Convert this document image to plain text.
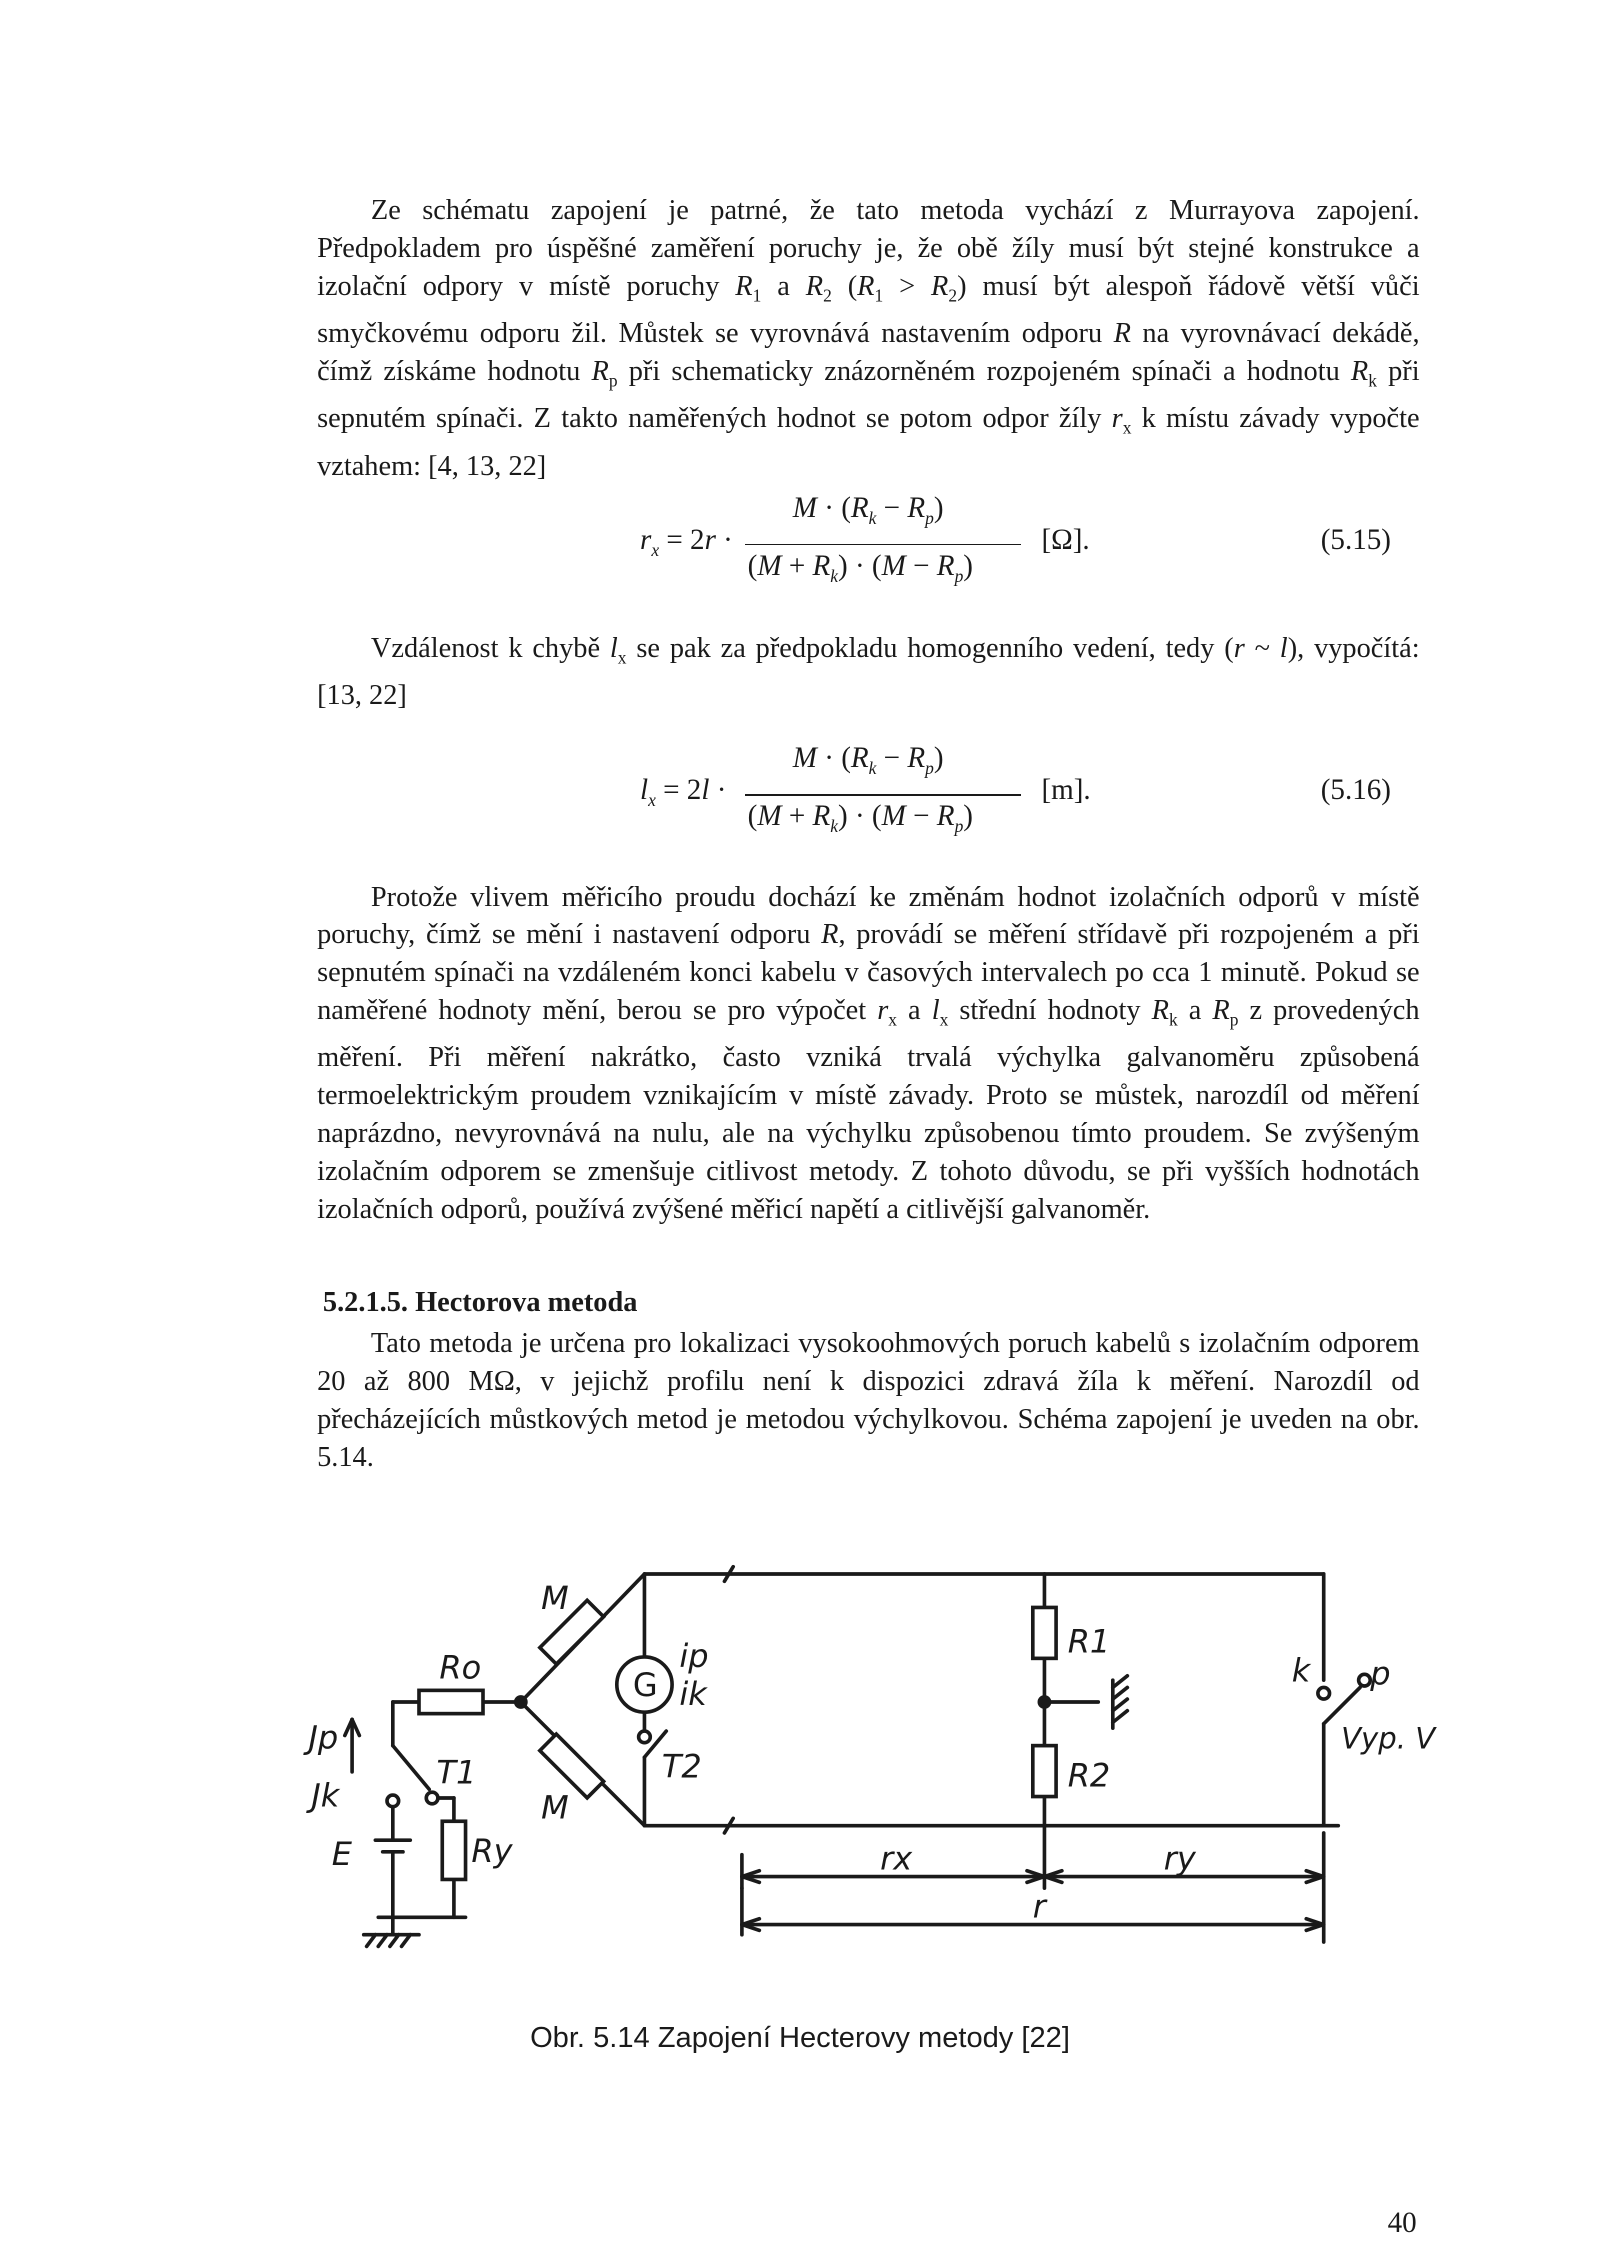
Ze schématu zapojení je patrné, že tato metoda vychází z Murrayova zapojení. Předpokladem pro úspěšné zaměření poruchy je, že obě žíly musí být stejné konstrukce a izolační odpory v místě poruchy $R_1$ a $R_2$ $(R_1 > R_2)$ musí být alespoň řádově větší vůči smyčkovému odporu žil. Můstek se vyrovnává nastavením odporu R na vyrovnávací dekádě, čímž získáme hodnotu $R_p$ při schematicky znázorněném rozpojeném spínači a hodnotu $R_k$ při sepnutém spínači. Z takto naměřených hodnot se potom odpor žíly $r_x$ k místu závady vypočte vztahem: [4, 13, 22]

$r_x = 2r$ ·
$M \cdot (R_k - R_p)$
$(M + R_k) \cdot (M - R_p)$
[Ω].	(5.15)

Vzdálenost k chybě $l_x$ se pak za předpokladu homogenního vedení, tedy (r ~ l), vypočítá: [13, 22]

$l_x = 2l$ ·
$M \cdot (R_k - R_p)$
$(M + R_k) \cdot (M - R_p)$
[m].	(5.16)

Protože vlivem měřicího proudu dochází ke změnám hodnot izolačních odporů v místě poruchy, čímž se mění i nastavení odporu R, provádí se měření střídavě při rozpojeném a při sepnutém spínači na vzdáleném konci kabelu v časových intervalech po cca 1 minutě. Pokud se naměřené hodnoty mění, berou se pro výpočet $r_x$ a $l_x$ střední hodnoty $R_k$ a $R_p$ z provedených měření. Při měření nakrátko, často vzniká trvalá výchylka galvanoměru způsobená termoelektrickým proudem vznikajícím v místě závady. Proto se můstek, narozdíl od měření naprázdno, nevyrovnává na nulu, ale na výchylku způsobenou tímto proudem. Se zvýšeným izolačním odporem se zmenšuje citlivost metody. Z tohoto důvodu, se při vyšších hodnotách izolačních odporů, používá zvýšené měřicí napětí a citlivější galvanoměr.

5.2.1.5. Hectorova metoda

Tato metoda je určena pro lokalizaci vysokoohmových poruch kabelů s izolačním odporem 20 až 800 MΩ, v jejichž profilu není k dispozici zdravá žíla k měření. Narozdíl od přecházejících můstkových metod je metodou výchylkovou. Schéma zapojení je uveden na obr. 5.14.

M
M
Ro	G
ip
ik
T1	T2
Jp
Jk
E	Ry
R1
R2
k	p
Vyp. V
rx	ry
r
Obr. 5.14 Zapojení Hecterovy metody [22]
40
